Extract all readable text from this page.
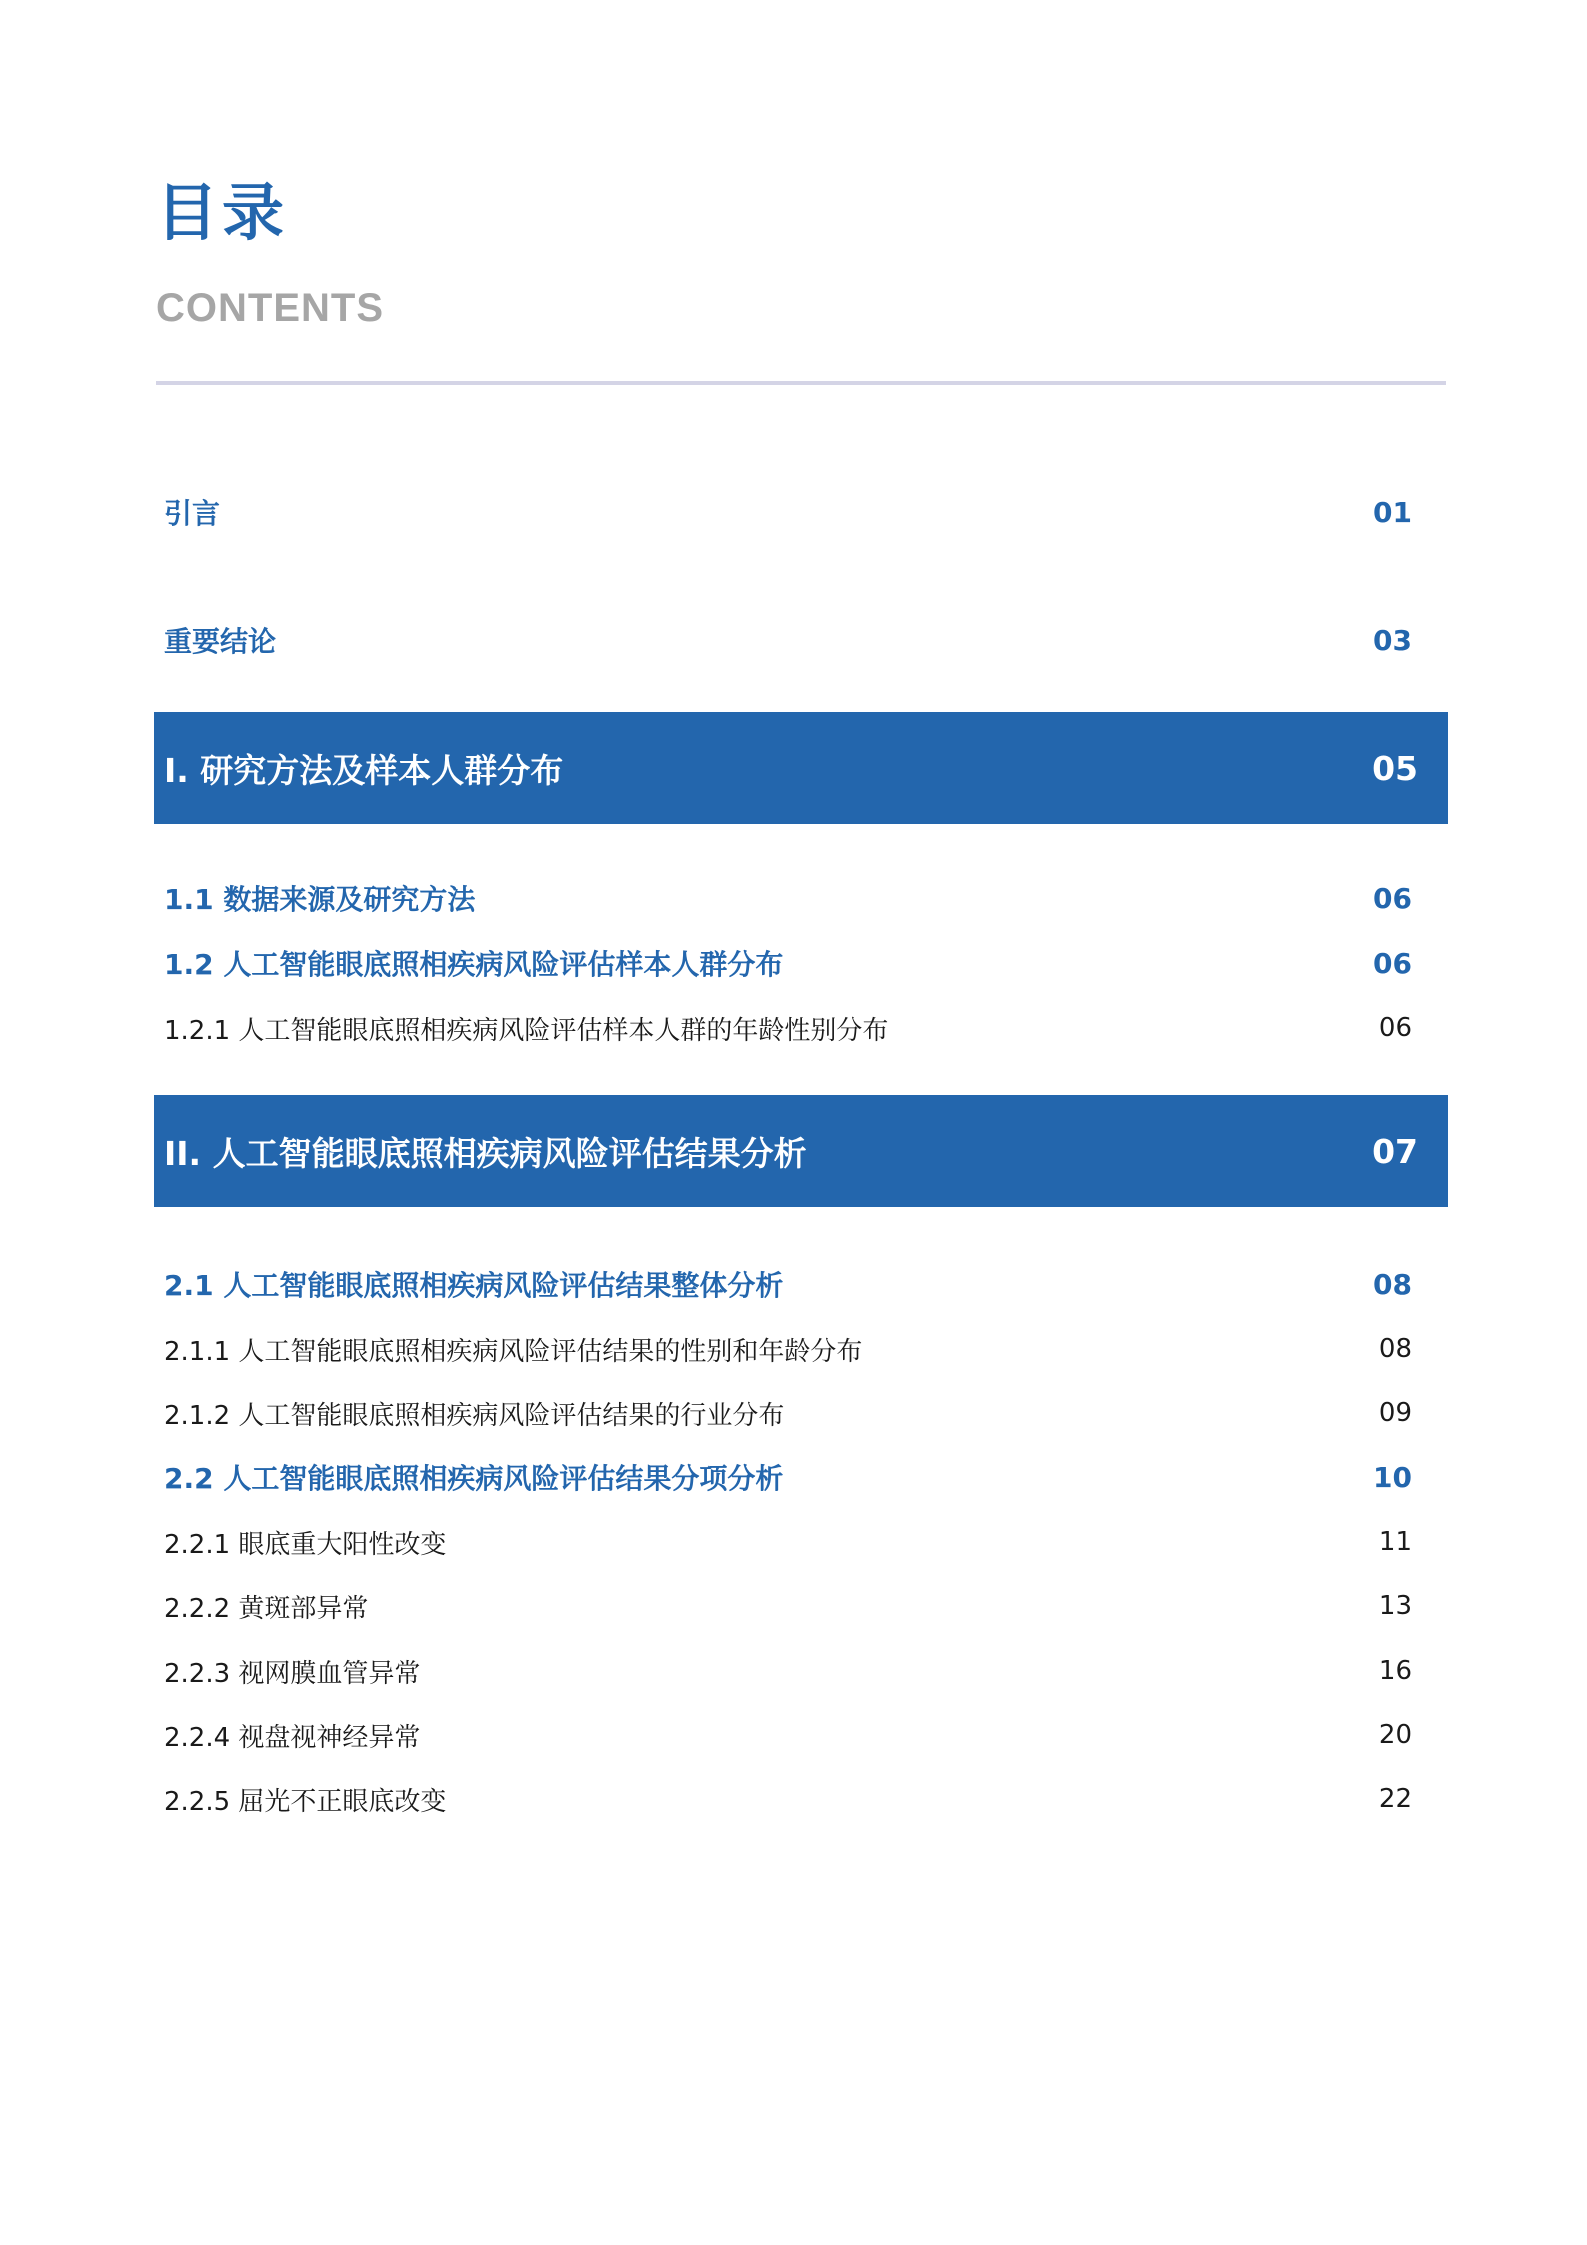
目录
CONTENTS
引言	01
重要结论	03
I. 研究方法及样本人群分布	05
1.1 数据来源及研究方法	06
1.2 人工智能眼底照相疾病风险评估样本人群分布	06
1.2.1 人工智能眼底照相疾病风险评估样本人群的年龄性别分布	06
II. 人工智能眼底照相疾病风险评估结果分析	07
2.1 人工智能眼底照相疾病风险评估结果整体分析	08
2.1.1 人工智能眼底照相疾病风险评估结果的性别和年龄分布	08
2.1.2 人工智能眼底照相疾病风险评估结果的行业分布	09
2.2 人工智能眼底照相疾病风险评估结果分项分析	10
2.2.1 眼底重大阳性改变	11
2.2.2 黄斑部异常	13
2.2.3 视网膜血管异常	16
2.2.4 视盘视神经异常	20
2.2.5 屈光不正眼底改变	22
